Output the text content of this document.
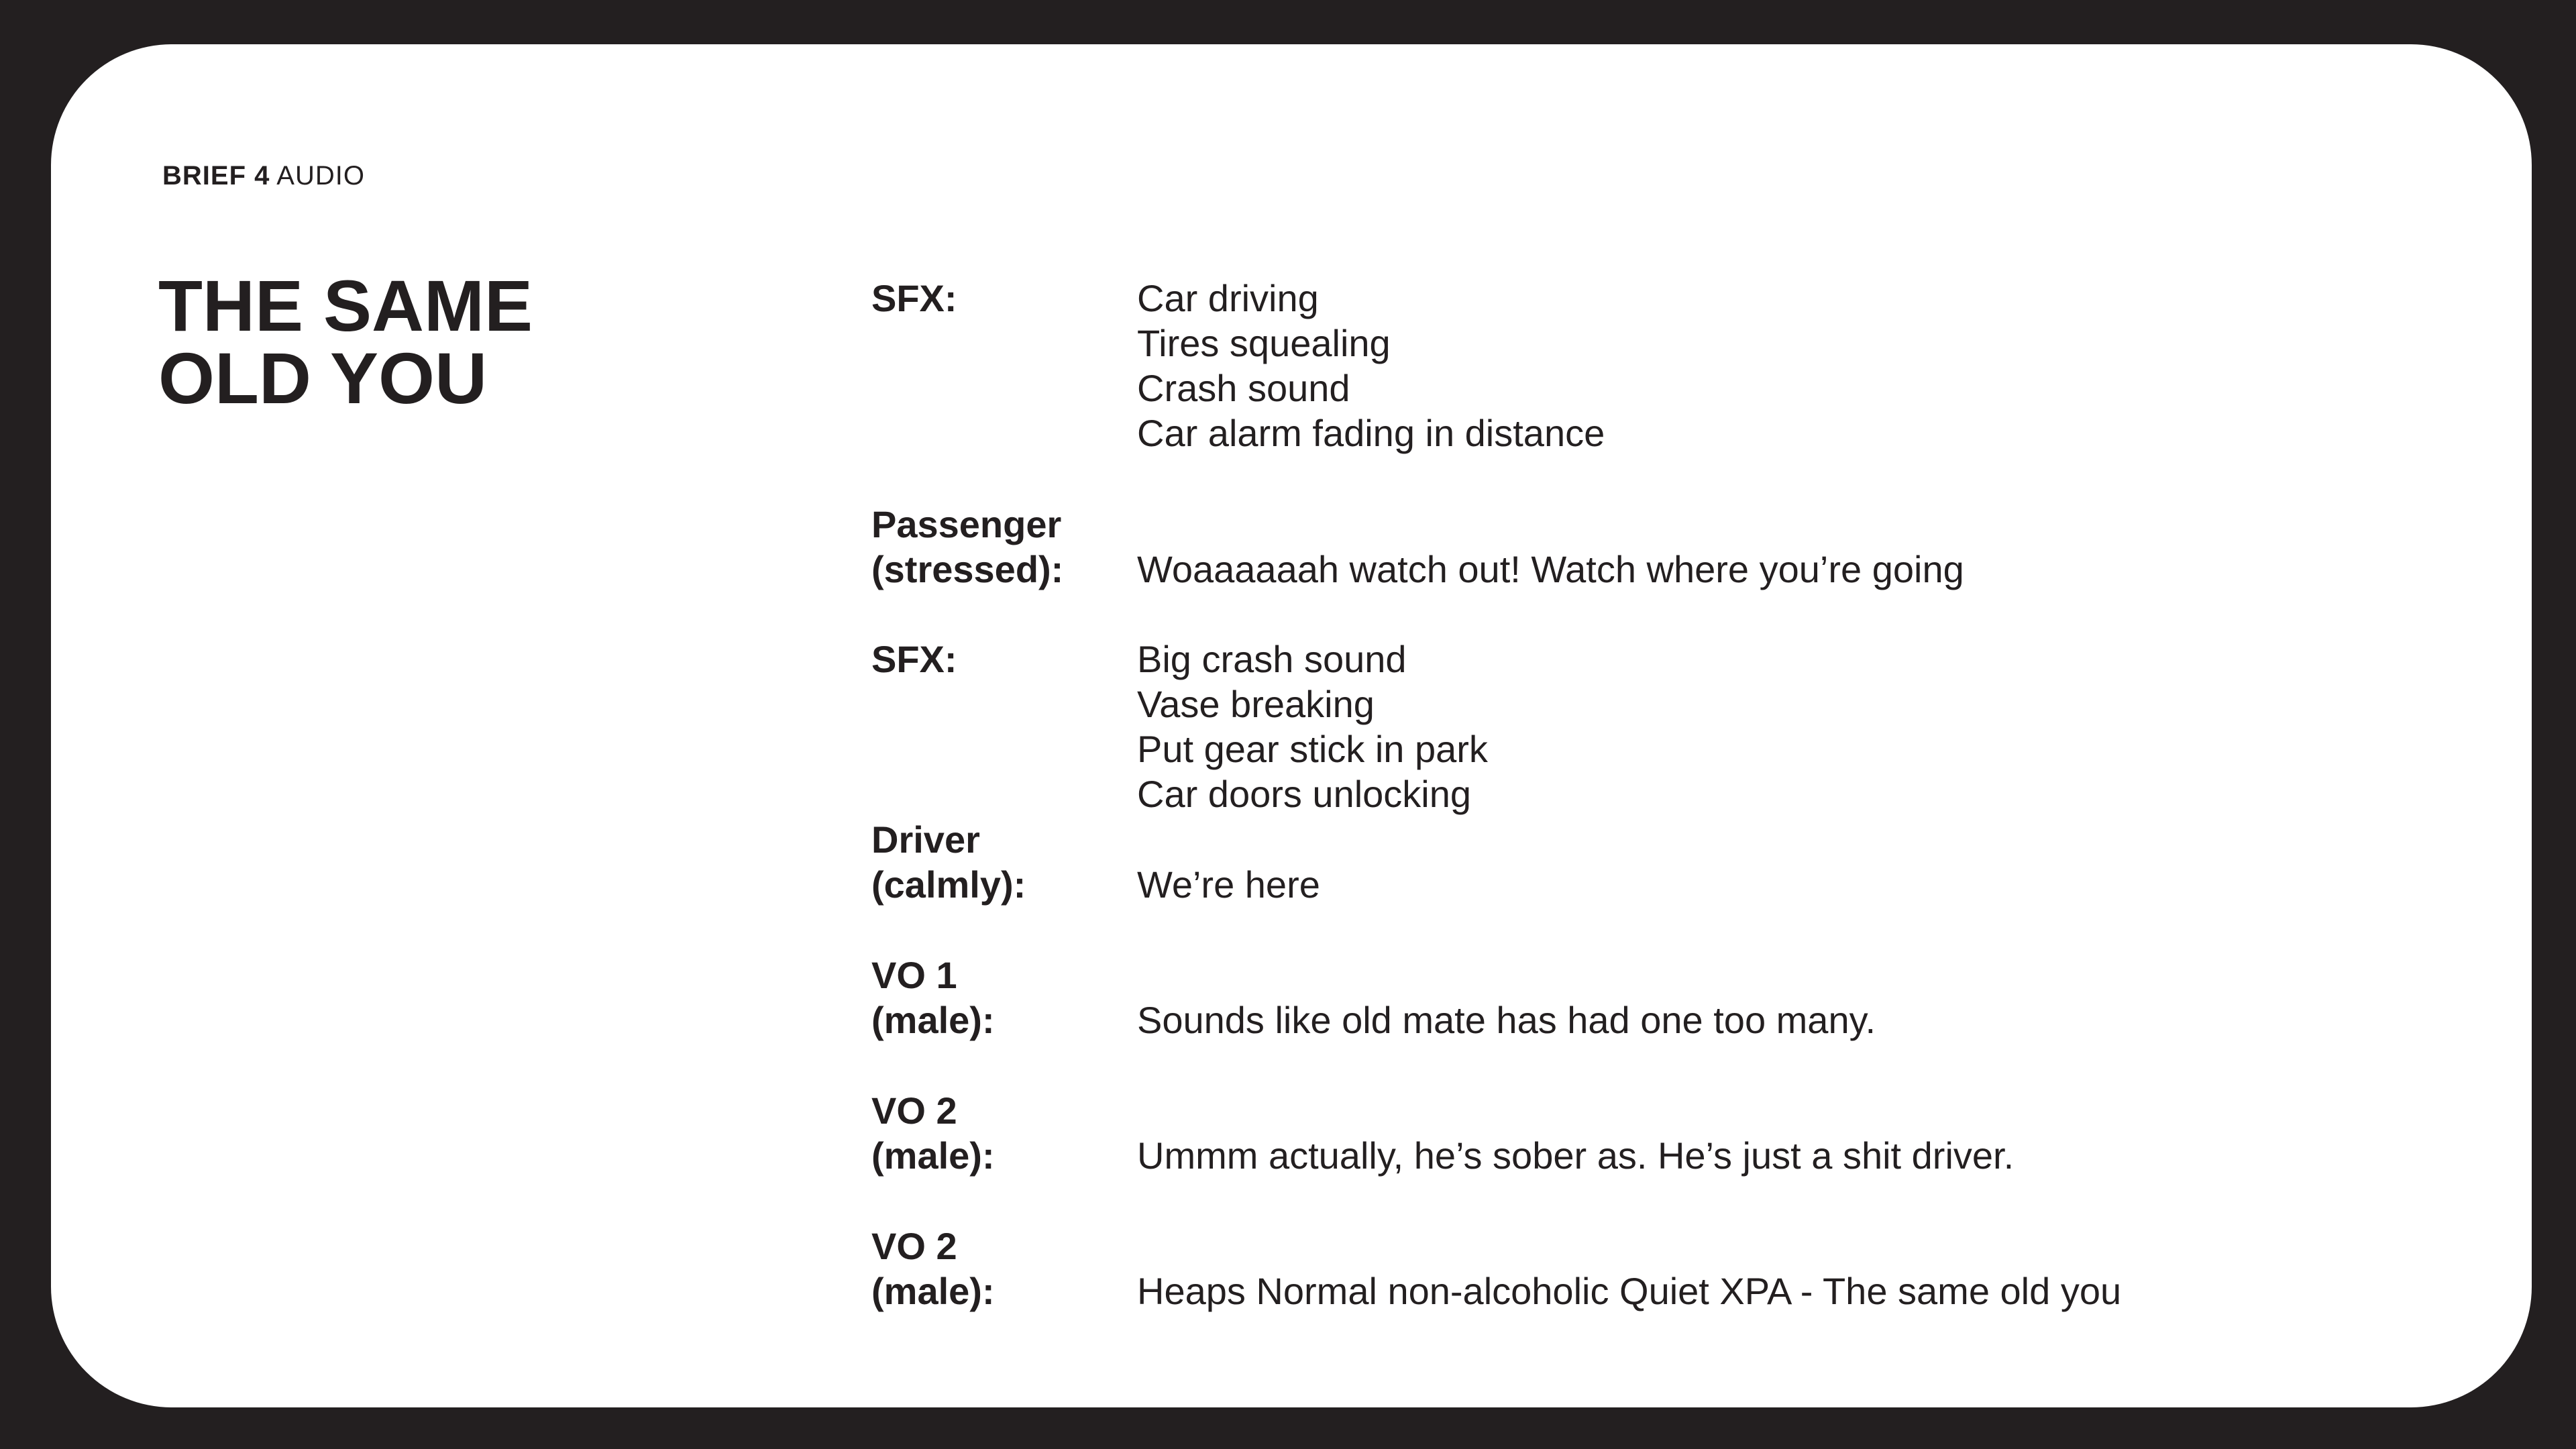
BRIEF 4 AUDIO
THE SAME
OLD YOU
SFX:	Car driving
Tires squealing
Crash sound
Car alarm fading in distance
Passenger
(stressed):
	Woaaaaaah watch out! Watch where you’re going
SFX:	Big crash sound
Vase breaking
Put gear stick in park
Car doors unlocking
Driver
(calmly):
	We’re here
VO 1
(male):
	Sounds like old mate has had one too many.
VO 2
(male):
	Ummm actually, he’s sober as. He’s just a shit driver.
VO 2
(male):
	Heaps Normal non-alcoholic Quiet XPA - The same old you
